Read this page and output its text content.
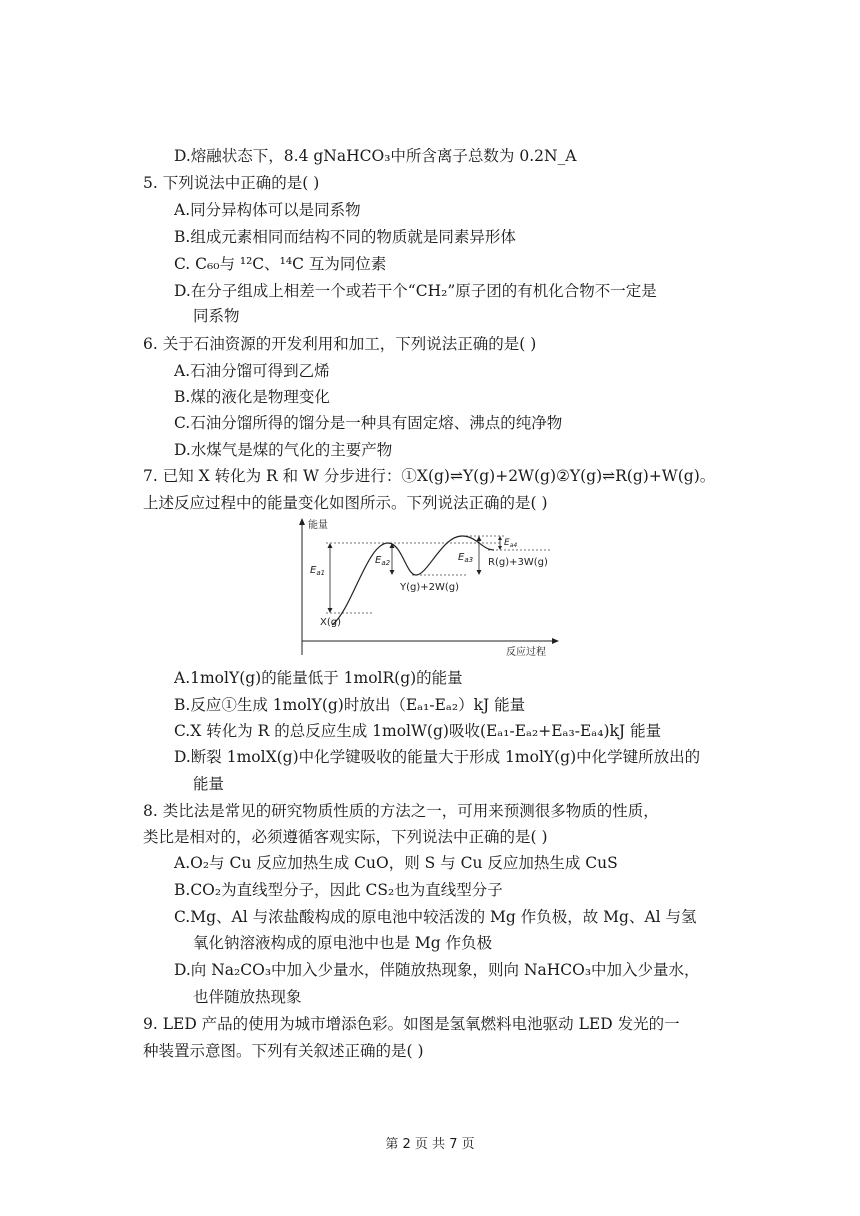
D.熔融状态下，8.4 gNaHCO₃中所含离子总数为 0.2N_A
5. 下列说法中正确的是( )
A.同分异构体可以是同系物
B.组成元素相同而结构不同的物质就是同素异形体
C. C₆₀与 ¹²C、¹⁴C 互为同位素
D.在分子组成上相差一个或若干个“CH₂”原子团的有机化合物不一定是
同系物
6. 关于石油资源的开发利用和加工，下列说法正确的是( )
A.石油分馏可得到乙烯
B.煤的液化是物理变化
C.石油分馏所得的馏分是一种具有固定熔、沸点的纯净物
D.水煤气是煤的气化的主要产物
7. 已知 X 转化为 R 和 W 分步进行：①X(g)⇌Y(g)+2W(g)②Y(g)⇌R(g)+W(g)。
上述反应过程中的能量变化如图所示。下列说法正确的是( )
能量
反应过程
$E_{a1}$
$E_{a2}$	$E_{a3}$
$E_{a4}$
X(g)
Y(g)+2W(g)
R(g)+3W(g)
A.1molY(g)的能量低于 1molR(g)的能量
B.反应①生成 1molY(g)时放出（Eₐ₁-Eₐ₂）kJ 能量
C.X 转化为 R 的总反应生成 1molW(g)吸收(Eₐ₁-Eₐ₂+Eₐ₃-Eₐ₄)kJ 能量
D.断裂 1molX(g)中化学键吸收的能量大于形成 1molY(g)中化学键所放出的
能量
8. 类比法是常见的研究物质性质的方法之一，可用来预测很多物质的性质，
类比是相对的，必须遵循客观实际，下列说法中正确的是( )
A.O₂与 Cu 反应加热生成 CuO，则 S 与 Cu 反应加热生成 CuS
B.CO₂为直线型分子，因此 CS₂也为直线型分子
C.Mg、Al 与浓盐酸构成的原电池中较活泼的 Mg 作负极，故 Mg、Al 与氢
氧化钠溶液构成的原电池中也是 Mg 作负极
D.向 Na₂CO₃中加入少量水，伴随放热现象，则向 NaHCO₃中加入少量水，
也伴随放热现象
9. LED 产品的使用为城市增添色彩。如图是氢氧燃料电池驱动 LED 发光的一
种装置示意图。下列有关叙述正确的是( )
第 2 页 共 7 页
